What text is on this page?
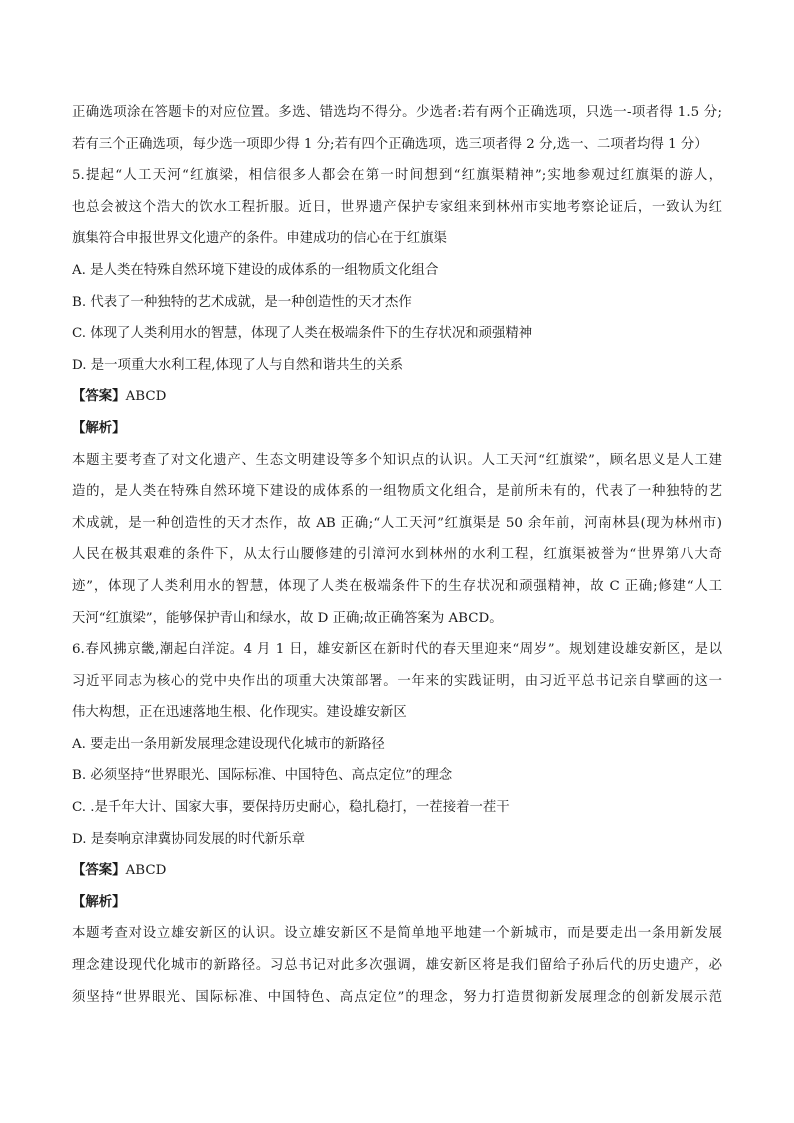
正确选项涂在答题卡的对应位置。多选、错选均不得分。少选者:若有两个正确选项，只选一-项者得 1.5 分;
若有三个正确选项，每少选一项即少得 1 分;若有四个正确选项，选三项者得 2 分,选一、二项者均得 1 分）
5.提起“人工天河“红旗梁，相信很多人都会在第一时间想到“红旗渠精神”;实地参观过红旗渠的游人，
也总会被这个浩大的饮水工程折服。近日，世界遗产保护专家组来到林州市实地考察论证后，一致认为红
旗集符合申报世界文化遗产的条件。申建成功的信心在于红旗渠
A. 是人类在特殊自然环境下建设的成体系的一组物质文化组合
B. 代表了一种独特的艺术成就，是一种创造性的天才杰作
C. 体现了人类利用水的智慧，体现了人类在极端条件下的生存状况和顽强精神
D. 是一项重大水利工程,体现了人与自然和谐共生的关系
【答案】ABCD
【解析】
本题主要考查了对文化遗产、生态文明建设等多个知识点的认识。人工天河“红旗梁”，顾名思义是人工建
造的，是人类在特殊自然环境下建设的成体系的一组物质文化组合，是前所未有的，代表了一种独特的艺
术成就，是一种创造性的天才杰作，故 AB 正确;“人工天河”红旗渠是 50 余年前，河南林县(现为林州市)
人民在极其艰难的条件下，从太行山腰修建的引漳河水到林州的水利工程，红旗渠被誉为“世界第八大奇
迹”，体现了人类利用水的智慧，体现了人类在极端条件下的生存状况和顽强精神，故 C 正确;修建“人工
天河“红旗梁”，能够保护青山和绿水，故 D 正确;故正确答案为 ABCD。
6.春风拂京畿,潮起白洋淀。4 月 1 日，雄安新区在新时代的春天里迎来“周岁”。规划建设雄安新区，是以
习近平同志为核心的党中央作出的项重大决策部署。一年来的实践证明，由习近平总书记亲自擘画的这一
伟大构想，正在迅速落地生根、化作现实。建设雄安新区
A. 要走出一条用新发展理念建设现代化城市的新路径
B. 必须坚持“世界眼光、国际标准、中国特色、高点定位”的理念
C. .是千年大计、国家大事，要保持历史耐心，稳扎稳打，一茬接着一茬干
D. 是奏响京津冀协同发展的时代新乐章
【答案】ABCD
【解析】
本题考查对设立雄安新区的认识。设立雄安新区不是简单地平地建一个新城市，而是要走出一条用新发展
理念建设现代化城市的新路径。习总书记对此多次强调，雄安新区将是我们留给子孙后代的历史遗产，必
须坚持“世界眼光、国际标准、中国特色、高点定位”的理念，努力打造贯彻新发展理念的创新发展示范
